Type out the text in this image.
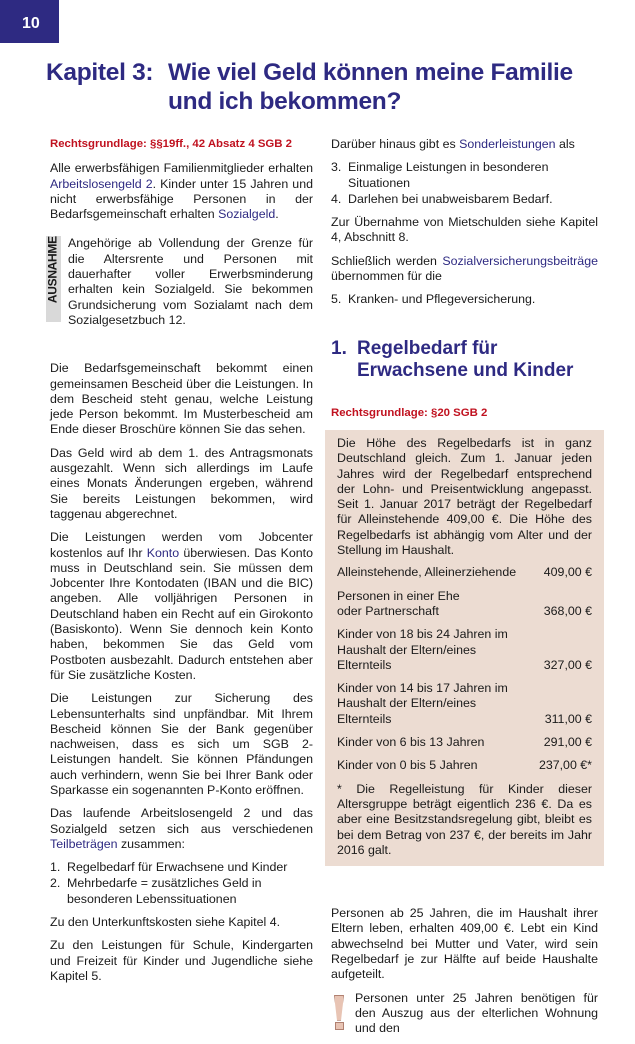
10
Kapitel 3: Wie viel Geld können meine Familie
und ich bekommen?

Rechtsgrundlage: §§19ff., 42 Absatz 4 SGB 2

Alle erwerbsfähigen Familienmitglieder erhalten Arbeitslosengeld 2. Kinder unter 15 Jahren und nicht erwerbsfähige Personen in der Bedarfsgemeinschaft erhalten Sozialgeld.

AUSNAHME Angehörige ab Vollendung der Grenze für die Altersrente und Personen mit dauerhafter voller Erwerbsminderung erhalten kein Sozialgeld. Sie bekommen Grundsicherung vom Sozialamt nach dem Sozialgesetzbuch 12.

Die Bedarfsgemeinschaft bekommt einen gemeinsamen Bescheid über die Leistungen. In dem Bescheid steht genau, welche Leistung jede Person bekommt. Im Musterbescheid am Ende dieser Broschüre können Sie das sehen.

Das Geld wird ab dem 1. des Antragsmonats ausgezahlt. Wenn sich allerdings im Laufe eines Monats Änderungen ergeben, während Sie bereits Leistungen bekommen, wird taggenau abgerechnet.

Die Leistungen werden vom Jobcenter kostenlos auf Ihr Konto überwiesen. Das Konto muss in Deutschland sein. Sie müssen dem Jobcenter Ihre Kontodaten (IBAN und die BIC) angeben. Alle volljährigen Personen in Deutschland haben ein Recht auf ein Girokonto (Basiskonto). Wenn Sie dennoch kein Konto haben, bekommen Sie das Geld vom Postboten ausbezahlt. Dadurch entstehen aber für Sie zusätzliche Kosten.

Die Leistungen zur Sicherung des Lebensunterhalts sind unpfändbar. Mit Ihrem Bescheid können Sie der Bank gegenüber nachweisen, dass es sich um SGB 2-Leistungen handelt. Sie können Pfändungen auch verhindern, wenn Sie bei Ihrer Bank oder Sparkasse ein sogenannten P-Konto eröffnen.

Das laufende Arbeitslosengeld 2 und das Sozialgeld setzen sich aus verschiedenen Teilbeträgen zusammen:

1. Regelbedarf für Erwachsene und Kinder
2. Mehrbedarfe = zusätzliches Geld in besonderen Lebenssituationen

Zu den Unterkunftskosten siehe Kapitel 4.

Zu den Leistungen für Schule, Kindergarten und Freizeit für Kinder und Jugendliche siehe Kapitel 5.

Darüber hinaus gibt es Sonderleistungen als

3. Einmalige Leistungen in besonderen Situationen
4. Darlehen bei unabweisbarem Bedarf.

Zur Übernahme von Mietschulden siehe Kapitel 4, Abschnitt 8.

Schließlich werden Sozialversicherungsbeiträge übernommen für die

5. Kranken- und Pflegeversicherung.
1. Regelbedarf für Erwachsene und Kinder

Rechtsgrundlage: §20 SGB 2

Die Höhe des Regelbedarfs ist in ganz Deutschland gleich. Zum 1. Januar jeden Jahres wird der Regelbedarf entsprechend der Lohn- und Preisentwicklung angepasst. Seit 1. Januar 2017 beträgt der Regelbedarf für Alleinstehende 409,00 €. Die Höhe des Regelbedarfs ist abhängig vom Alter und der Stellung im Haushalt.

Alleinstehende, Alleinerziehende	409,00 €
Personen in einer Ehe oder Partnerschaft	368,00 €
Kinder von 18 bis 24 Jahren im Haushalt der Eltern/eines Elternteils	327,00 €
Kinder von 14 bis 17 Jahren im Haushalt der Eltern/eines Elternteils	311,00 €
Kinder von 6 bis 13 Jahren	291,00 €
Kinder von 0 bis 5 Jahren	237,00 €*

* Die Regelleistung für Kinder dieser Altersgruppe beträgt eigentlich 236 €. Da es aber eine Besitzstandsregelung gibt, bleibt es bei dem Betrag von 237 €, der bereits im Jahr 2016 galt.

Personen ab 25 Jahren, die im Haushalt ihrer Eltern leben, erhalten 409,00 €. Lebt ein Kind abwechselnd bei Mutter und Vater, wird sein Regelbedarf je zur Hälfte auf beide Haushalte aufgeteilt.

Personen unter 25 Jahren benötigen für den Auszug aus der elterlichen Wohnung und den
